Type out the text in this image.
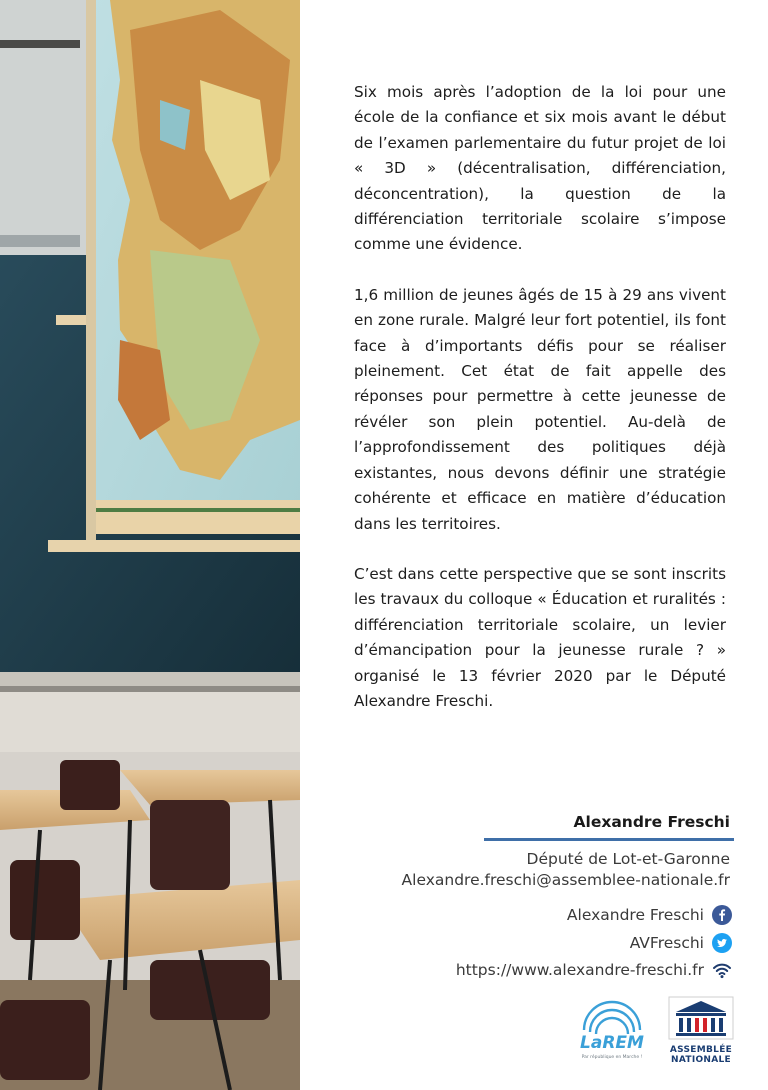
Six mois après l’adoption de la loi pour une école de la confiance et six mois avant le début de l’examen parlementaire du futur projet de loi « 3D » (décentralisation, différenciation, déconcentration), la question de la différenciation territoriale scolaire s’impose comme une évidence.

1,6 million de jeunes âgés de 15 à 29 ans vivent en zone rurale. Malgré leur fort potentiel, ils font face à d’importants défis pour se réaliser pleinement. Cet état de fait appelle des réponses pour permettre à cette jeunesse de révéler son plein potentiel. Au-delà de l’approfondissement des politiques déjà existantes, nous devons définir une stratégie cohérente et efficace en matière d’éducation dans les territoires.

C’est dans cette perspective que se sont inscrits les travaux du colloque « Éducation et ruralités : différenciation territoriale scolaire, un levier d’émancipation pour la jeunesse rurale ? » organisé le 13 février 2020 par le Député Alexandre Freschi.

Alexandre Freschi
Député de Lot-et-Garonne
Alexandre.freschi@assemblee-nationale.fr
Alexandre Freschi
AVFreschi
https://www.alexandre-freschi.fr
LaREM
Par république en Marche !
ASSEMBLÉE
NATIONALE
